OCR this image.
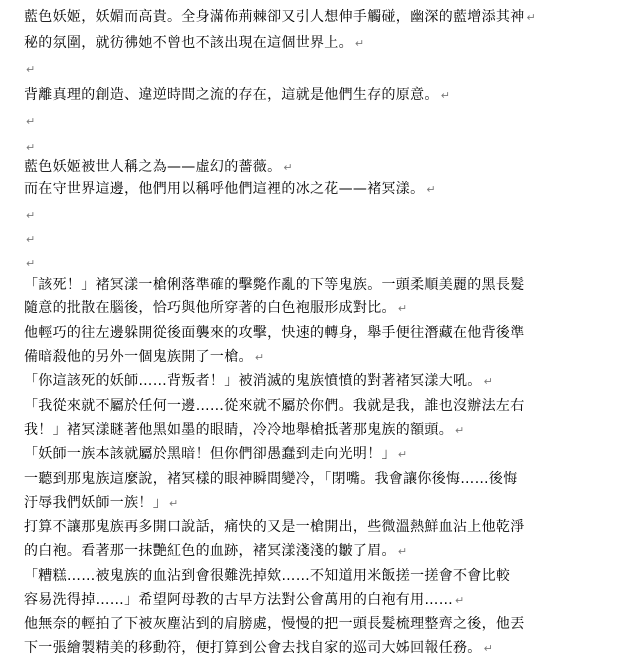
藍色妖姬，妖媚而高貴。全身滿佈荊棘卻又引人想伸手觸碰，幽深的藍增添其神 ↵
秘的氛圍，就彷彿她不曾也不該出現在這個世界上。 ↵
↵
背離真理的創造、違逆時間之流的存在，這就是他們生存的原意。 ↵
↵
↵
藍色妖姬被世人稱之為——虛幻的薔薇。 ↵
而在守世界這邊，他們用以稱呼他們這裡的冰之花——褚冥漾。 ↵
↵
↵
↵
「該死！」褚冥漾一槍俐落準確的擊斃作亂的下等鬼族。一頭柔順美麗的黑長髮
隨意的批散在腦後，恰巧與他所穿著的白色袍服形成對比。 ↵
他輕巧的往左邊躲開從後面襲來的攻擊，快速的轉身，舉手便往潛藏在他背後準
備暗殺他的另外一個鬼族開了一槍。 ↵
「你這該死的妖師……背叛者！」被消滅的鬼族憤憤的對著褚冥漾大吼。 ↵
「我從來就不屬於任何一邊……從來就不屬於你們。我就是我，誰也沒辦法左右
我！」褚冥漾瞇著他黑如墨的眼睛，冷冷地舉槍抵著那鬼族的額頭。 ↵
「妖師一族本該就屬於黑暗！但你們卻愚蠢到走向光明！」 ↵
一聽到那鬼族這麼說，褚冥樣的眼神瞬間變冷，「閉嘴。我會讓你後悔……後悔
汙辱我們妖師一族！」 ↵
打算不讓那鬼族再多開口說話，痛快的又是一槍開出，些微溫熱鮮血沾上他乾淨
的白袍。看著那一抹艷紅色的血跡，褚冥漾淺淺的皺了眉。 ↵
「糟糕……被鬼族的血沾到會很難洗掉欸……不知道用米飯搓一搓會不會比較
容易洗得掉……」希望阿母教的古早方法對公會萬用的白袍有用…… ↵
他無奈的輕拍了下被灰塵沾到的肩膀處，慢慢的把一頭長髮梳理整齊之後，他丟
下一張繪製精美的移動符，便打算到公會去找自家的巡司大姊回報任務。 ↵
